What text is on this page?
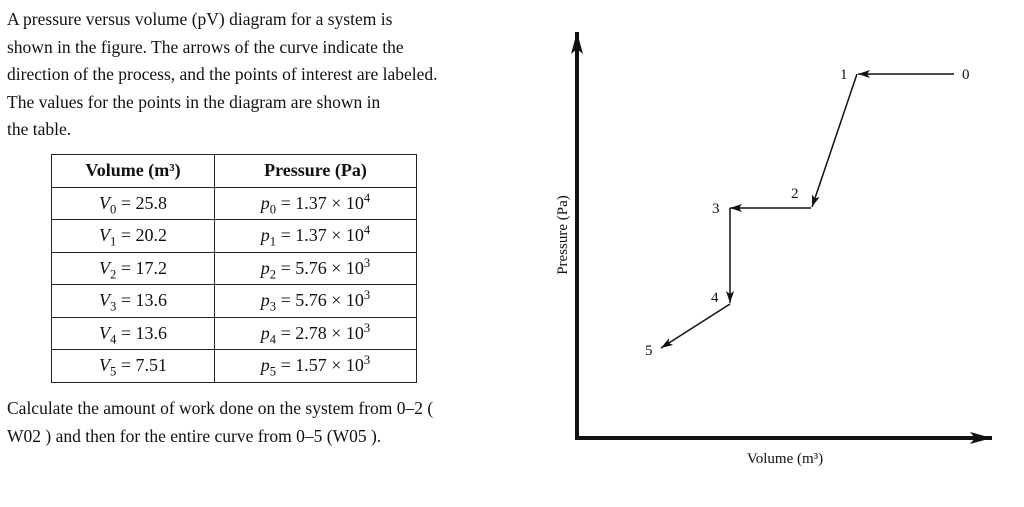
A pressure versus volume (pV) diagram for a system is
shown in the figure. The arrows of the curve indicate the
direction of the process, and the points of interest are labeled.
The values for the points in the diagram are shown in
the table.
Volume (m³)	Pressure (Pa)
$V_0 = 25.8$	$p_0 = 1.37 \times 10^4$
$V_1 = 20.2$	$p_1 = 1.37 \times 10^4$
$V_2 = 17.2$	$p_2 = 5.76 \times 10^3$
$V_3 = 13.6$	$p_3 = 5.76 \times 10^3$
$V_4 = 13.6$	$p_4 = 2.78 \times 10^3$
$V_5 = 7.51$	$p_5 = 1.57 \times 10^3$
Calculate the amount of work done on the system from 0–2 (
W02 ) and then for the entire curve from 0–5 (W05 ).
Pressure (Pa)
Volume (m³)
0
1
2
3
4
5
